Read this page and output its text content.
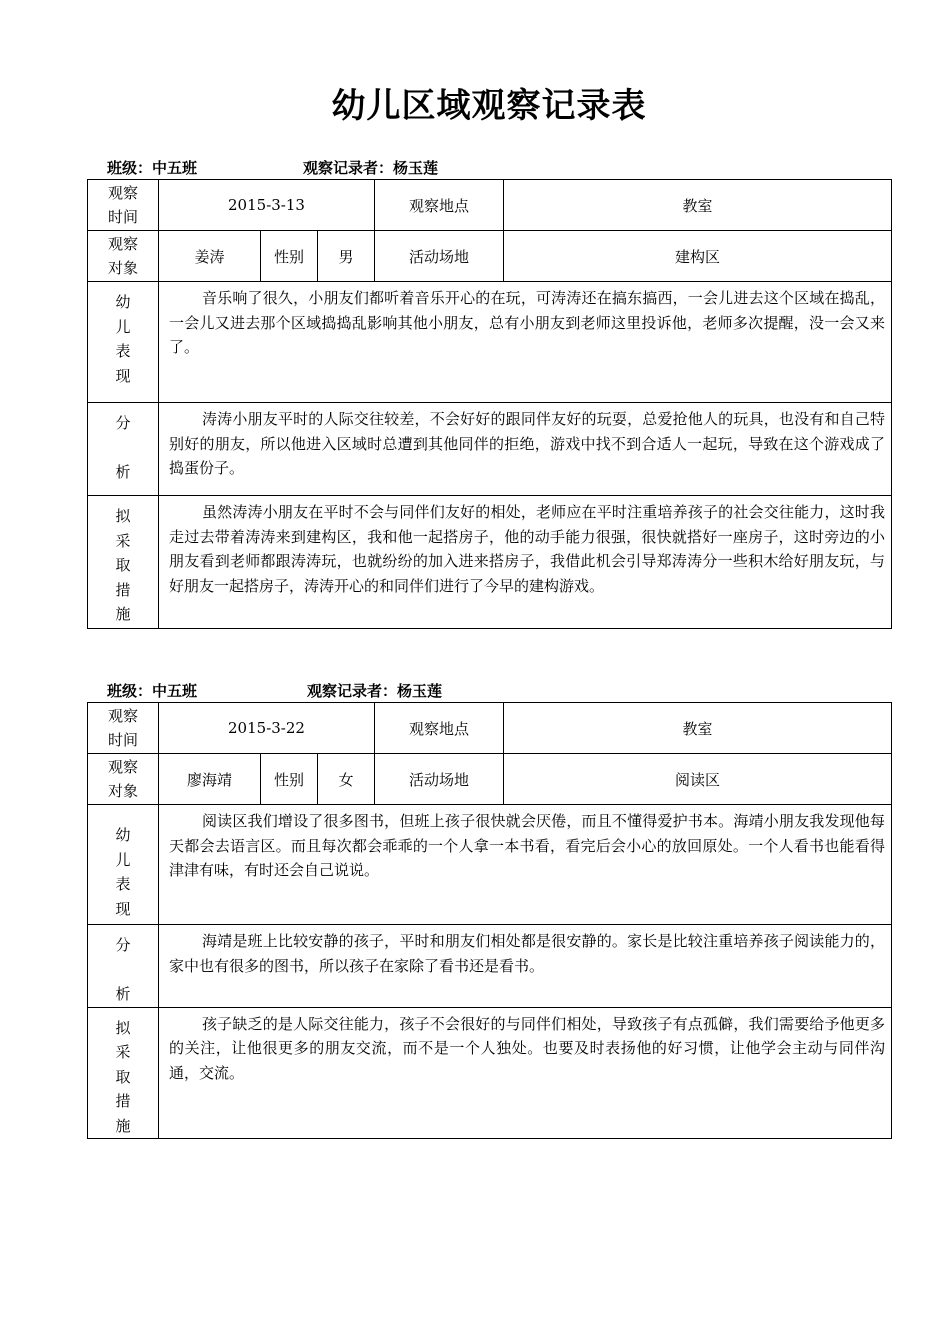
幼儿区域观察记录表
班级：中五班	观察记录者：杨玉莲
观察
时间	2015-3-13			观察地点	教室
观察
对象	姜涛	性别	男	活动场地	建构区

幼
儿
表
现	音乐响了很久，小朋友们都听着音乐开心的在玩，可涛涛还在搞东搞西，一会儿进去这个区域在捣乱，一会儿又进去那个区域捣捣乱影响其他小朋友，总有小朋友到老师这里投诉他，老师多次提醒，没一会又来了。				

分

析	涛涛小朋友平时的人际交往较差，不会好好的跟同伴友好的玩耍，总爱抢他人的玩具，也没有和自己特别好的朋友，所以他进入区域时总遭到其他同伴的拒绝，游戏中找不到合适人一起玩，导致在这个游戏成了捣蛋份子。				

拟
采
取
措
施	虽然涛涛小朋友在平时不会与同伴们友好的相处，老师应在平时注重培养孩子的社会交往能力，这时我走过去带着涛涛来到建构区，我和他一起搭房子，他的动手能力很强，很快就搭好一座房子，这时旁边的小朋友看到老师都跟涛涛玩，也就纷纷的加入进来搭房子，我借此机会引导郑涛涛分一些积木给好朋友玩，与好朋友一起搭房子，涛涛开心的和同伴们进行了今早的建构游戏。				
班级：中五班	观察记录者：杨玉莲
观察
时间	2015-3-22			观察地点	教室
观察
对象	廖海靖	性别	女	活动场地	阅读区

幼
儿
表
现	阅读区我们增设了很多图书，但班上孩子很快就会厌倦，而且不懂得爱护书本。海靖小朋友我发现他每天都会去语言区。而且每次都会乖乖的一个人拿一本书看，看完后会小心的放回原处。一个人看书也能看得津津有味，有时还会自己说说。				

分

析	海靖是班上比较安静的孩子，平时和朋友们相处都是很安静的。家长是比较注重培养孩子阅读能力的，家中也有很多的图书，所以孩子在家除了看书还是看书。				

拟
采
取
措
施	孩子缺乏的是人际交往能力，孩子不会很好的与同伴们相处，导致孩子有点孤僻，我们需要给予他更多的关注，让他很更多的朋友交流，而不是一个人独处。也要及时表扬他的好习惯，让他学会主动与同伴沟通，交流。				
